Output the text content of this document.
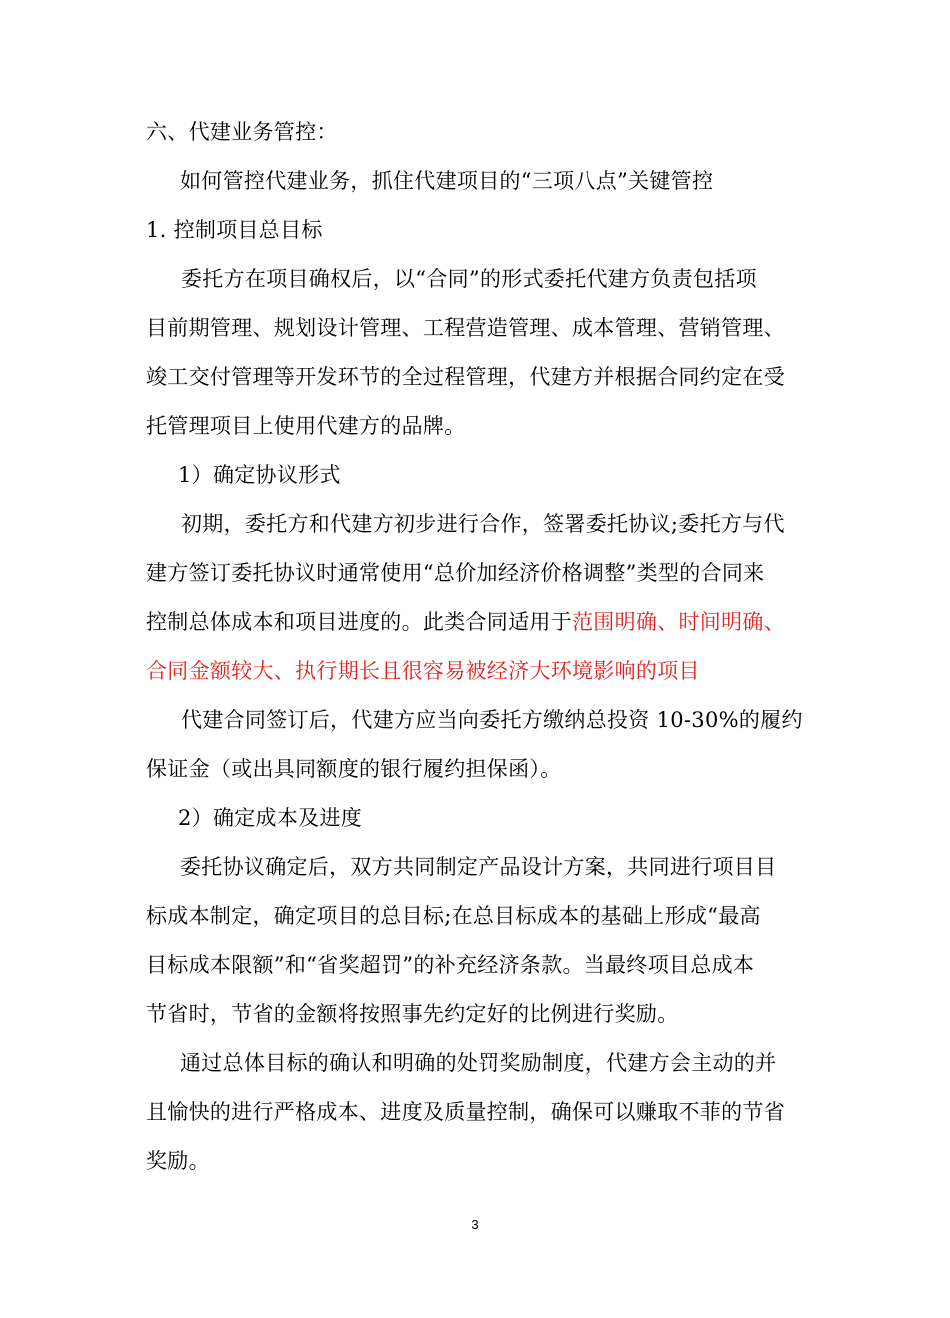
六、代建业务管控：
如何管控代建业务，抓住代建项目的“三项八点”关键管控
1. 控制项目总目标
委托方在项目确权后，以“合同”的形式委托代建方负责包括项
目前期管理、规划设计管理、工程营造管理、成本管理、营销管理、
竣工交付管理等开发环节的全过程管理，代建方并根据合同约定在受
托管理项目上使用代建方的品牌。
1）确定协议形式
初期，委托方和代建方初步进行合作，签署委托协议;委托方与代
建方签订委托协议时通常使用“总价加经济价格调整”类型的合同来
控制总体成本和项目进度的。此类合同适用于范围明确、时间明确、
合同金额较大、执行期长且很容易被经济大环境影响的项目
代建合同签订后，代建方应当向委托方缴纳总投资 10-30%的履约
保证金（或出具同额度的银行履约担保函）。
2）确定成本及进度
委托协议确定后，双方共同制定产品设计方案，共同进行项目目
标成本制定，确定项目的总目标;在总目标成本的基础上形成“最高
目标成本限额”和“省奖超罚”的补充经济条款。当最终项目总成本
节省时，节省的金额将按照事先约定好的比例进行奖励。
通过总体目标的确认和明确的处罚奖励制度，代建方会主动的并
且愉快的进行严格成本、进度及质量控制，确保可以赚取不菲的节省
奖励。
3
